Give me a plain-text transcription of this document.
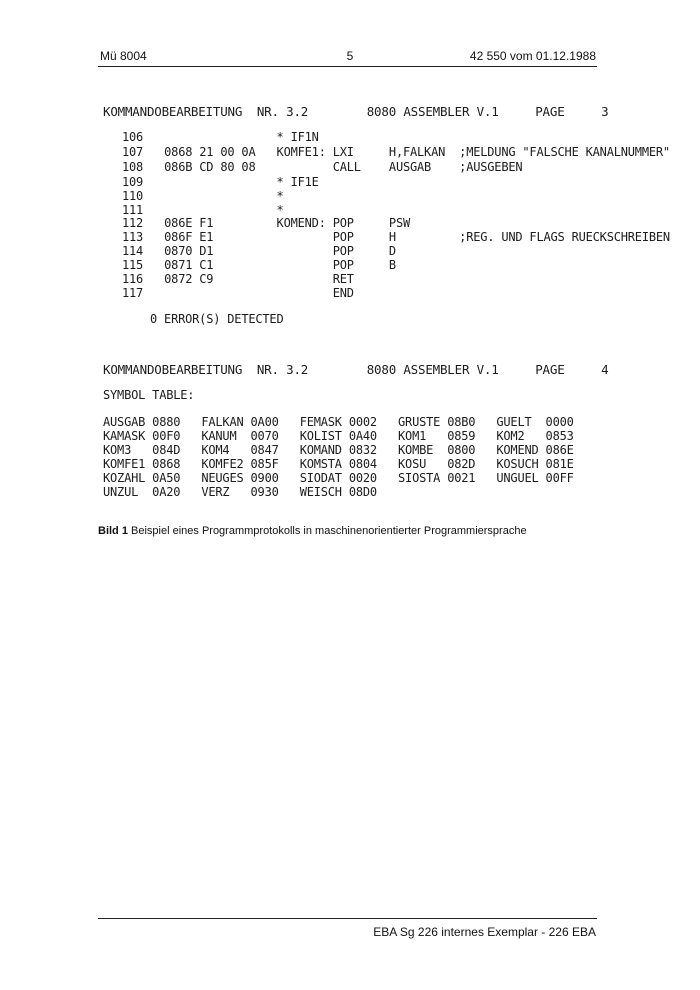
Mü 8004	5	42 550 vom 01.12.1988
KOMMANDOBEARBEITUNG  NR. 3.2        8080 ASSEMBLER V.1     PAGE     3
106                   * IF1N
107   0868 21 00 0A   KOMFE1: LXI     H,FALKAN  ;MELDUNG "FALSCHE KANALNUMMER"
108   086B CD 80 08           CALL    AUSGAB    ;AUSGEBEN
109                   * IF1E
110                   *
111                   *
112   086E F1         KOMEND: POP     PSW
113   086F E1                 POP     H         ;REG. UND FLAGS RUECKSCHREIBEN
114   0870 D1                 POP     D
115   0871 C1                 POP     B
116   0872 C9                 RET
117                           END
0 ERROR(S) DETECTED
KOMMANDOBEARBEITUNG  NR. 3.2        8080 ASSEMBLER V.1     PAGE     4
SYMBOL TABLE:
AUSGAB 0880   FALKAN 0A00   FEMASK 0002   GRUSTE 08B0   GUELT  0000
KAMASK 00F0   KANUM  0070   KOLIST 0A40   KOM1   0859   KOM2   0853
KOM3   084D   KOM4   0847   KOMAND 0832   KOMBE  0800   KOMEND 086E
KOMFE1 0868   KOMFE2 085F   KOMSTA 0804   KOSU   082D   KOSUCH 081E
KOZAHL 0A50   NEUGES 0900   SIODAT 0020   SIOSTA 0021   UNGUEL 00FF
UNZUL  0A20   VERZ   0930   WEISCH 08D0
Bild 1 Beispiel eines Programmprotokolls in maschinenorientierter Programmiersprache
EBA Sg 226 internes Exemplar - 226 EBA
